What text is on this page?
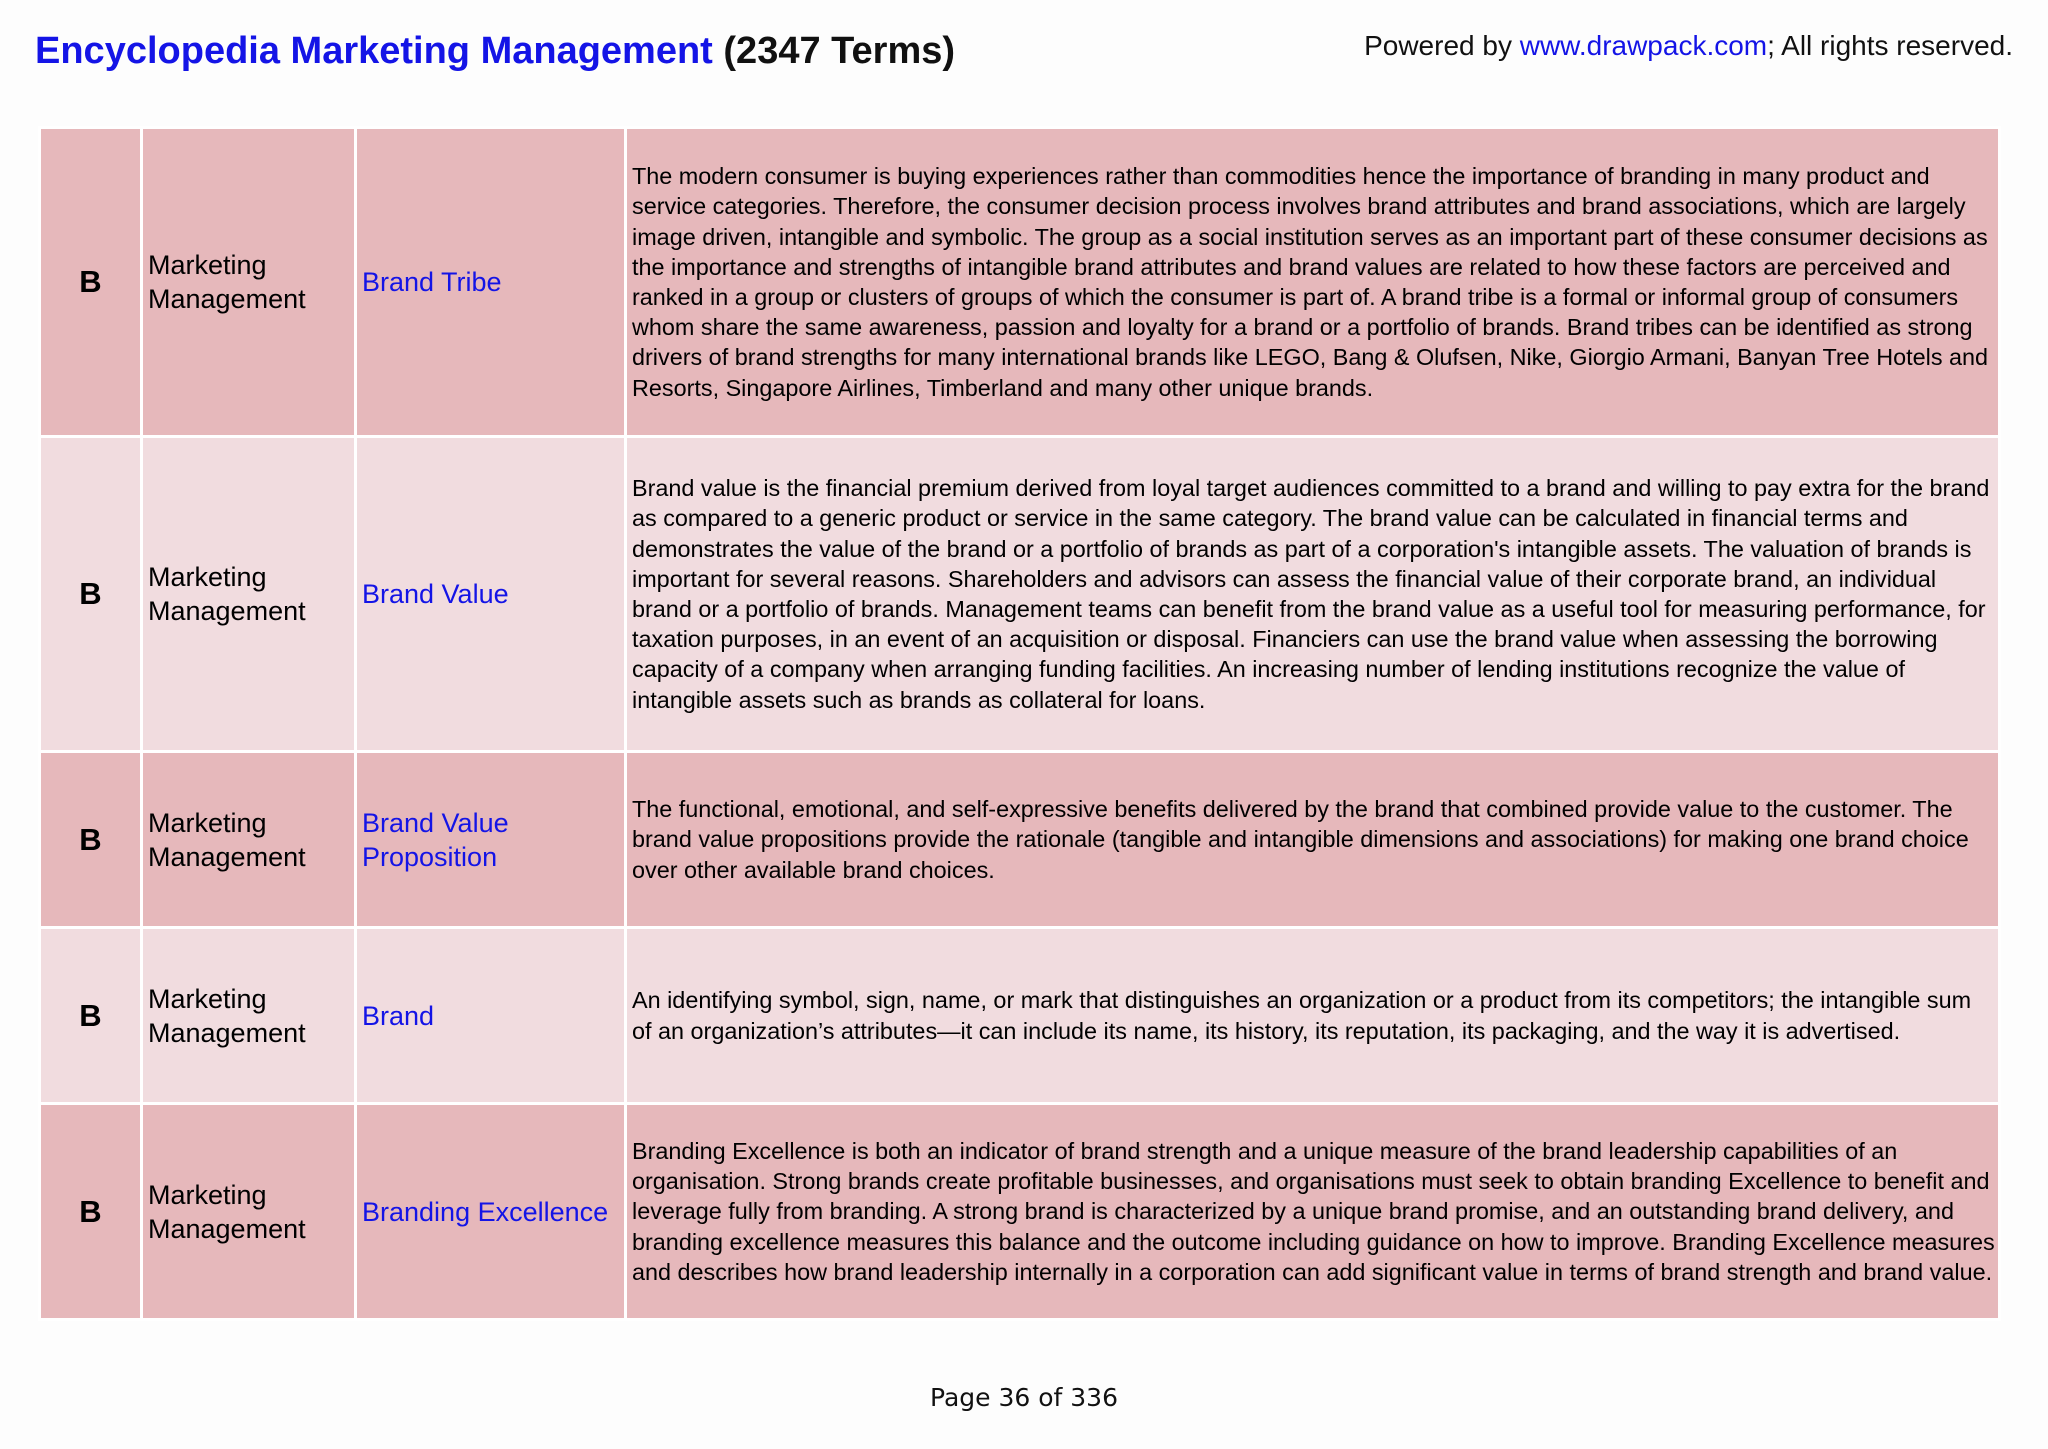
Encyclopedia Marketing Management (2347 Terms)	Powered by www.drawpack.com; All rights reserved.
B	Marketing Management	Brand Tribe	The modern consumer is buying experiences rather than commodities hence the importance of branding in many product and service categories. Therefore, the consumer decision process involves brand attributes and brand associations, which are largely image driven, intangible and symbolic. The group as a social institution serves as an important part of these consumer decisions as the importance and strengths of intangible brand attributes and brand values are related to how these factors are perceived and ranked in a group or clusters of groups of which the consumer is part of. A brand tribe is a formal or informal group of consumers whom share the same awareness, passion and loyalty for a brand or a portfolio of brands. Brand tribes can be identified as strong drivers of brand strengths for many international brands like LEGO, Bang & Olufsen, Nike, Giorgio Armani, Banyan Tree Hotels and Resorts, Singapore Airlines, Timberland and many other unique brands.
B	Marketing Management	Brand Value	Brand value is the financial premium derived from loyal target audiences committed to a brand and willing to pay extra for the brand as compared to a generic product or service in the same category. The brand value can be calculated in financial terms and demonstrates the value of the brand or a portfolio of brands as part of a corporation's intangible assets. The valuation of brands is important for several reasons. Shareholders and advisors can assess the financial value of their corporate brand, an individual brand or a portfolio of brands. Management teams can benefit from the brand value as a useful tool for measuring performance, for taxation purposes, in an event of an acquisition or disposal. Financiers can use the brand value when assessing the borrowing capacity of a company when arranging funding facilities. An increasing number of lending institutions recognize the value of intangible assets such as brands as collateral for loans.
B	Marketing Management	Brand Value Proposition	The functional, emotional, and self-expressive benefits delivered by the brand that combined provide value to the customer. The brand value propositions provide the rationale (tangible and intangible dimensions and associations) for making one brand choice over other available brand choices.
B	Marketing Management	Brand	An identifying symbol, sign, name, or mark that distinguishes an organization or a product from its competitors; the intangible sum of an organization’s attributes—it can include its name, its history, its reputation, its packaging, and the way it is advertised.
B	Marketing Management	Branding Excellence	Branding Excellence is both an indicator of brand strength and a unique measure of the brand leadership capabilities of an organisation. Strong brands create profitable businesses, and organisations must seek to obtain branding Excellence to benefit and leverage fully from branding. A strong brand is characterized by a unique brand promise, and an outstanding brand delivery, and branding excellence measures this balance and the outcome including guidance on how to improve. Branding Excellence measures and describes how brand leadership internally in a corporation can add significant value in terms of brand strength and brand value.
Page 36 of 336
